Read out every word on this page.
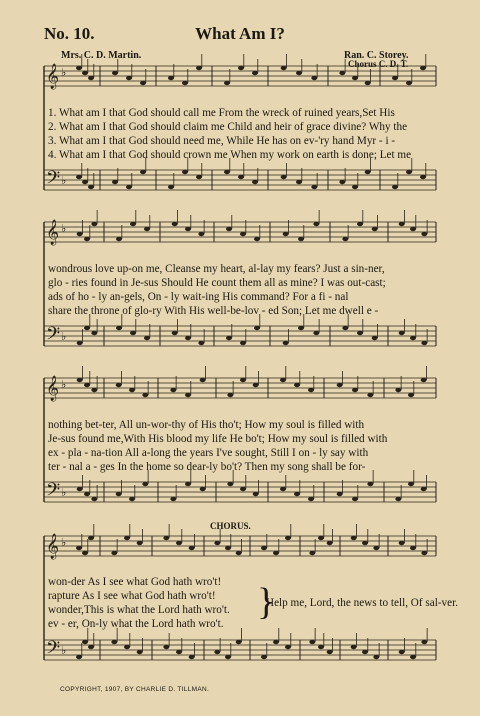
No. 10.	What Am I?
Mrs. C. D. Martin.	Ran. C. Storey.
Chorus C. D. T.
𝄞 ♭
𝄢 ♭
𝄞 ♭
𝄢 ♭
𝄞 ♭
𝄢 ♭
𝄞 ♭
𝄢 ♭
1. What am I that God should call me From the wreck of ruined years,Set His
2. What am I that God should claim me Child and heir of grace divine? Why the
3. What am I that God should need me, While He has on ev-'ry hand Myr - i -
4. What am I that God should crown me When my work on earth is done; Let me
wondrous love up-on me, Cleanse my heart, al-lay my fears? Just a sin-ner,
glo - ries found in Je-sus Should He count them all as mine? I was out-cast;
ads of ho - ly an-gels, On - ly wait-ing His command? For a fi - nal
share the throne of glo-ry With His well-be-lov - ed Son; Let me dwell e -
nothing bet-ter, All un-wor-thy of His tho't; How my soul is filled with
Je-sus found me,With His blood my life He bo't; How my soul is filled with
ex - pla - na-tion All a-long the years I've sought, Still I on - ly say with
ter - nal a - ges In the home so dear-ly bo't? Then my song shall be for-
CHORUS.
won-der As I see what God hath wro't!
rapture As I see what God hath wro't!
wonder,This is what the Lord hath wro't.
ev - er, On-ly what the Lord hath wro't.
}
Help me, Lord, the news to tell, Of sal-ver.
COPYRIGHT, 1907, BY CHARLIE D. TILLMAN.
